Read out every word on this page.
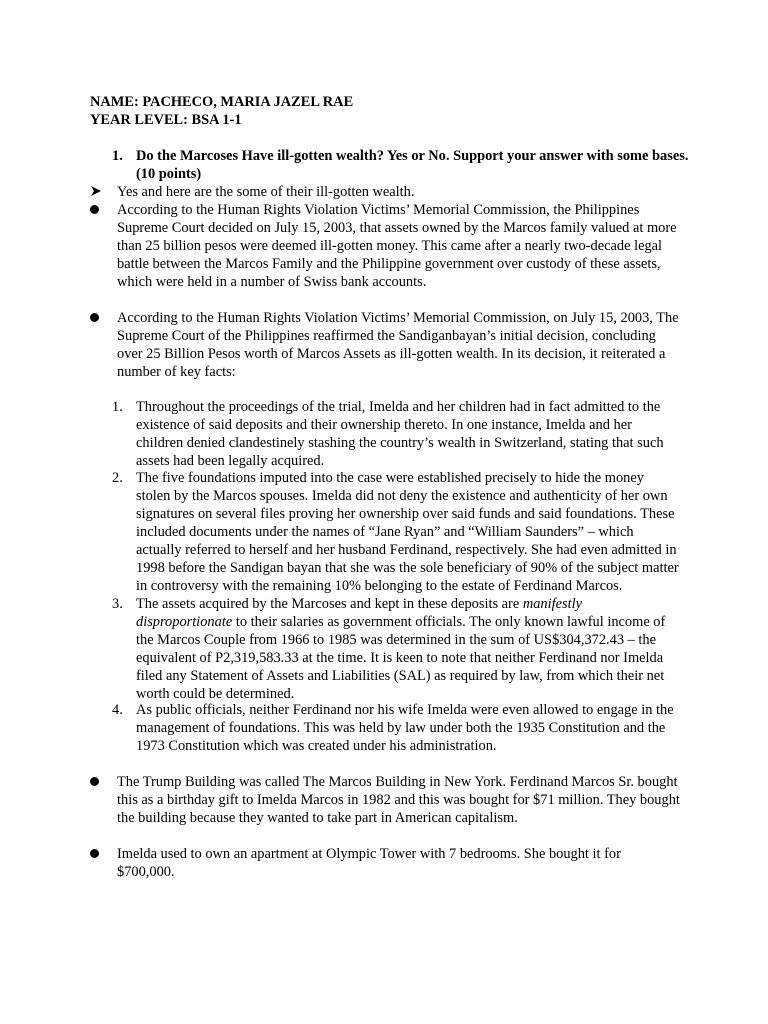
NAME: PACHECO, MARIA JAZEL RAE
YEAR LEVEL: BSA 1-1
1. Do the Marcoses Have ill-gotten wealth? Yes or No. Support your answer with some bases. (10 points)
Yes and here are the some of their ill-gotten wealth.
According to the Human Rights Violation Victims’ Memorial Commission, the Philippines Supreme Court decided on July 15, 2003, that assets owned by the Marcos family valued at more than 25 billion pesos were deemed ill-gotten money. This came after a nearly two-decade legal battle between the Marcos Family and the Philippine government over custody of these assets, which were held in a number of Swiss bank accounts.
According to the Human Rights Violation Victims’ Memorial Commission, on July 15, 2003, The Supreme Court of the Philippines reaffirmed the Sandiganbayan’s initial decision, concluding over 25 Billion Pesos worth of Marcos Assets as ill-gotten wealth. In its decision, it reiterated a number of key facts:
1. Throughout the proceedings of the trial, Imelda and her children had in fact admitted to the existence of said deposits and their ownership thereto. In one instance, Imelda and her children denied clandestinely stashing the country’s wealth in Switzerland, stating that such assets had been legally acquired.
2. The five foundations imputed into the case were established precisely to hide the money stolen by the Marcos spouses. Imelda did not deny the existence and authenticity of her own signatures on several files proving her ownership over said funds and said foundations. These included documents under the names of “Jane Ryan” and “William Saunders” – which actually referred to herself and her husband Ferdinand, respectively. She had even admitted in 1998 before the Sandigan bayan that she was the sole beneficiary of 90% of the subject matter in controversy with the remaining 10% belonging to the estate of Ferdinand Marcos.
3. The assets acquired by the Marcoses and kept in these deposits are manifestly disproportionate to their salaries as government officials. The only known lawful income of the Marcos Couple from 1966 to 1985 was determined in the sum of US$304,372.43 – the equivalent of P2,319,583.33 at the time. It is keen to note that neither Ferdinand nor Imelda filed any Statement of Assets and Liabilities (SAL) as required by law, from which their net worth could be determined.
4. As public officials, neither Ferdinand nor his wife Imelda were even allowed to engage in the management of foundations. This was held by law under both the 1935 Constitution and the 1973 Constitution which was created under his administration.
The Trump Building was called The Marcos Building in New York. Ferdinand Marcos Sr. bought this as a birthday gift to Imelda Marcos in 1982 and this was bought for $71 million. They bought the building because they wanted to take part in American capitalism.
Imelda used to own an apartment at Olympic Tower with 7 bedrooms. She bought it for $700,000.
